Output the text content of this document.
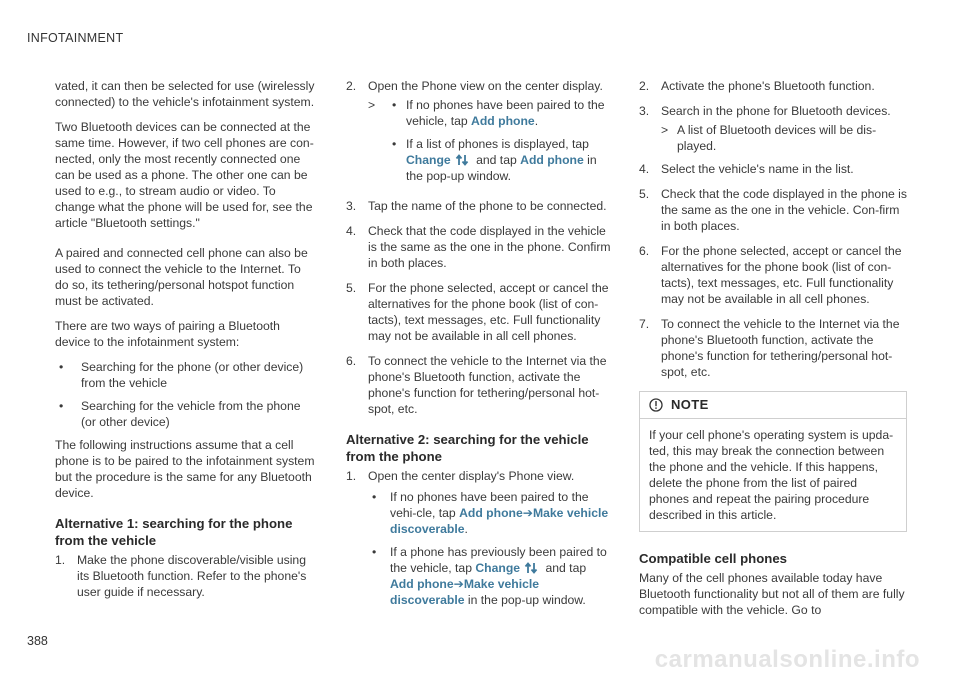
INFOTAINMENT

vated, it can then be selected for use (wirelessly connected) to the vehicle's infotainment system.

Two Bluetooth devices can be connected at the same time. However, if two cell phones are con-nected, only the most recently connected one can be used as a phone. The other one can be used to e.g., to stream audio or video. To change what the phone will be used for, see the article "Bluetooth settings."

A paired and connected cell phone can also be used to connect the vehicle to the Internet. To do so, its tethering/personal hotspot function must be activated.

There are two ways of pairing a Bluetooth device to the infotainment system:

•	Searching for the phone (or other device) from the vehicle
•	Searching for the vehicle from the phone (or other device)

The following instructions assume that a cell phone is to be paired to the infotainment system but the procedure is the same for any Bluetooth device.

Alternative 1: searching for the phone from the vehicle
1. Make the phone discoverable/visible using its Bluetooth function. Refer to the phone's user guide if necessary.
2. Open the Phone view on the center display.
>	• If no phones have been paired to the vehicle, tap Add phone.
• If a list of phones is displayed, tap Change and tap Add phone in the pop-up window.
3. Tap the name of the phone to be connected.
4. Check that the code displayed in the vehicle is the same as the one in the phone. Confirm in both places.
5. For the phone selected, accept or cancel the alternatives for the phone book (list of con-tacts), text messages, etc. Full functionality may not be available in all cell phones.
6. To connect the vehicle to the Internet via the phone's Bluetooth function, activate the phone's function for tethering/personal hot-spot, etc.
Alternative 2: searching for the vehicle from the phone
1. Open the center display's Phone view.
•	If no phones have been paired to the vehi-cle, tap Add phone➔Make vehicle discoverable.
•	If a phone has previously been paired to the vehicle, tap Change and tap Add phone➔Make vehicle discoverable in the pop-up window.
2. Activate the phone's Bluetooth function.
3. Search in the phone for Bluetooth devices.
> A list of Bluetooth devices will be dis-played.
4. Select the vehicle's name in the list.
5. Check that the code displayed in the phone is the same as the one in the vehicle. Con-firm in both places.
6. For the phone selected, accept or cancel the alternatives for the phone book (list of con-tacts), text messages, etc. Full functionality may not be available in all cell phones.
7. To connect the vehicle to the Internet via the phone's Bluetooth function, activate the phone's function for tethering/personal hot-spot, etc.
NOTE
If your cell phone's operating system is upda-ted, this may break the connection between the phone and the vehicle. If this happens, delete the phone from the list of paired phones and repeat the pairing procedure described in this article.
Compatible cell phones

Many of the cell phones available today have Bluetooth functionality but not all of them are fully compatible with the vehicle. Go to

388
carmanualsonline.info
